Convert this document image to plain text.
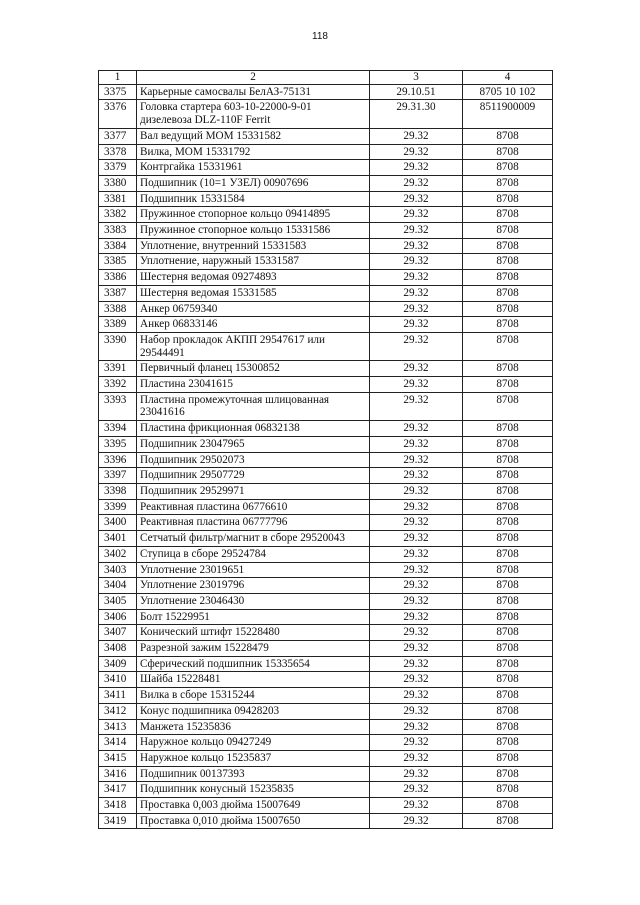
118
1	2	3	4
3375	Карьерные самосвалы БелАЗ-75131	29.10.51	8705 10 102
3376	Головка стартера 603-10-22000-9-01 дизелевоза DLZ-110F Ferrit	29.31.30	8511900009
3377	Вал ведущий МОМ 15331582	29.32	8708
3378	Вилка, МОМ 15331792	29.32	8708
3379	Контргайка 15331961	29.32	8708
3380	Подшипник (10=1 УЗЕЛ) 00907696	29.32	8708
3381	Подшипник 15331584	29.32	8708
3382	Пружинное стопорное кольцо 09414895	29.32	8708
3383	Пружинное стопорное кольцо 15331586	29.32	8708
3384	Уплотнение, внутренний 15331583	29.32	8708
3385	Уплотнение, наружный 15331587	29.32	8708
3386	Шестерня ведомая 09274893	29.32	8708
3387	Шестерня ведомая 15331585	29.32	8708
3388	Анкер 06759340	29.32	8708
3389	Анкер 06833146	29.32	8708
3390	Набор прокладок АКПП 29547617 или 29544491	29.32	8708
3391	Первичный фланец 15300852	29.32	8708
3392	Пластина 23041615	29.32	8708
3393	Пластина промежуточная шлицованная 23041616	29.32	8708
3394	Пластина фрикционная 06832138	29.32	8708
3395	Подшипник 23047965	29.32	8708
3396	Подшипник 29502073	29.32	8708
3397	Подшипник 29507729	29.32	8708
3398	Подшипник 29529971	29.32	8708
3399	Реактивная пластина 06776610	29.32	8708
3400	Реактивная пластина 06777796	29.32	8708
3401	Сетчатый фильтр/магнит в сборе 29520043	29.32	8708
3402	Ступица в сборе 29524784	29.32	8708
3403	Уплотнение 23019651	29.32	8708
3404	Уплотнение 23019796	29.32	8708
3405	Уплотнение 23046430	29.32	8708
3406	Болт 15229951	29.32	8708
3407	Конический штифт 15228480	29.32	8708
3408	Разрезной зажим 15228479	29.32	8708
3409	Сферический подшипник 15335654	29.32	8708
3410	Шайба 15228481	29.32	8708
3411	Вилка в сборе 15315244	29.32	8708
3412	Конус подшипника 09428203	29.32	8708
3413	Манжета 15235836	29.32	8708
3414	Наружное кольцо 09427249	29.32	8708
3415	Наружное кольцо 15235837	29.32	8708
3416	Подшипник 00137393	29.32	8708
3417	Подшипник конусный 15235835	29.32	8708
3418	Проставка 0,003 дюйма 15007649	29.32	8708
3419	Проставка 0,010 дюйма 15007650	29.32	8708
